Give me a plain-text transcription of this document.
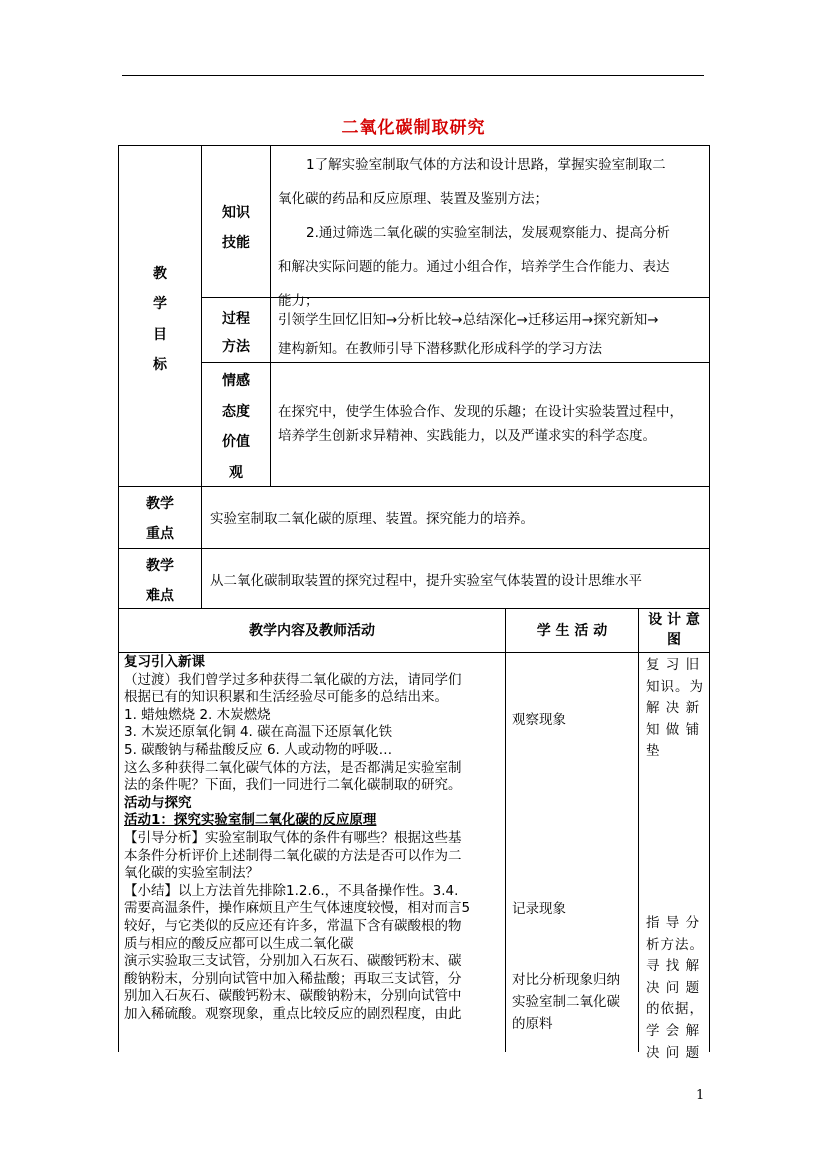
二氧化碳制取研究
教
学
目
标
知识
技能
1了解实验室制取气体的方法和设计思路，掌握实验室制取二
氧化碳的药品和反应原理、装置及鉴别方法；
2.通过筛选二氧化碳的实验室制法，发展观察能力、提高分析
和解决实际问题的能力。通过小组合作，培养学生合作能力、表达
能力；
过程
方法
引领学生回忆旧知→分析比较→总结深化→迁移运用→探究新知→
建构新知。在教师引导下潜移默化形成科学的学习方法
情感
态度
价值
观
在探究中，使学生体验合作、发现的乐趣；在设计实验装置过程中，
培养学生创新求异精神、实践能力，以及严谨求实的科学态度。
教学
重点
实验室制取二氧化碳的原理、装置。探究能力的培养。
教学
难点
从二氧化碳制取装置的探究过程中，提升实验室气体装置的设计思维水平
教学内容及教师活动	学 生 活 动
设 计 意
图
复习引入新课
（过渡）我们曾学过多种获得二氧化碳的方法，请同学们
根据已有的知识积累和生活经验尽可能多的总结出来。
1. 蜡烛燃烧 2. 木炭燃烧
3. 木炭还原氧化铜 4. 碳在高温下还原氧化铁
5. 碳酸钠与稀盐酸反应 6. 人或动物的呼吸…
这么多种获得二氧化碳气体的方法，是否都满足实验室制
法的条件呢？下面，我们一同进行二氧化碳制取的研究。
活动与探究
活动1：探究实验室制二氧化碳的反应原理
【引导分析】实验室制取气体的条件有哪些？根据这些基
本条件分析评价上述制得二氧化碳的方法是否可以作为二
氧化碳的实验室制法？
【小结】以上方法首先排除1.2.6.，不具备操作性。3.4.
需要高温条件，操作麻烦且产生气体速度较慢，相对而言5
较好，与它类似的反应还有许多，常温下含有碳酸根的物
质与相应的酸反应都可以生成二氧化碳
演示实验取三支试管，分别加入石灰石、碳酸钙粉末、碳
酸钠粉末，分别向试管中加入稀盐酸；再取三支试管，分
别加入石灰石、碳酸钙粉末、碳酸钠粉末，分别向试管中
加入稀硫酸。观察现象，重点比较反应的剧烈程度，由此
观察现象
记录现象
对比分析现象归纳
实验室制二氧化碳
的原料
复 习 旧
知识。为
解 决 新
知 做 铺
垫
指 导 分
析方法。
寻 找 解
决 问 题
的依据，
学 会 解
决 问 题
1
